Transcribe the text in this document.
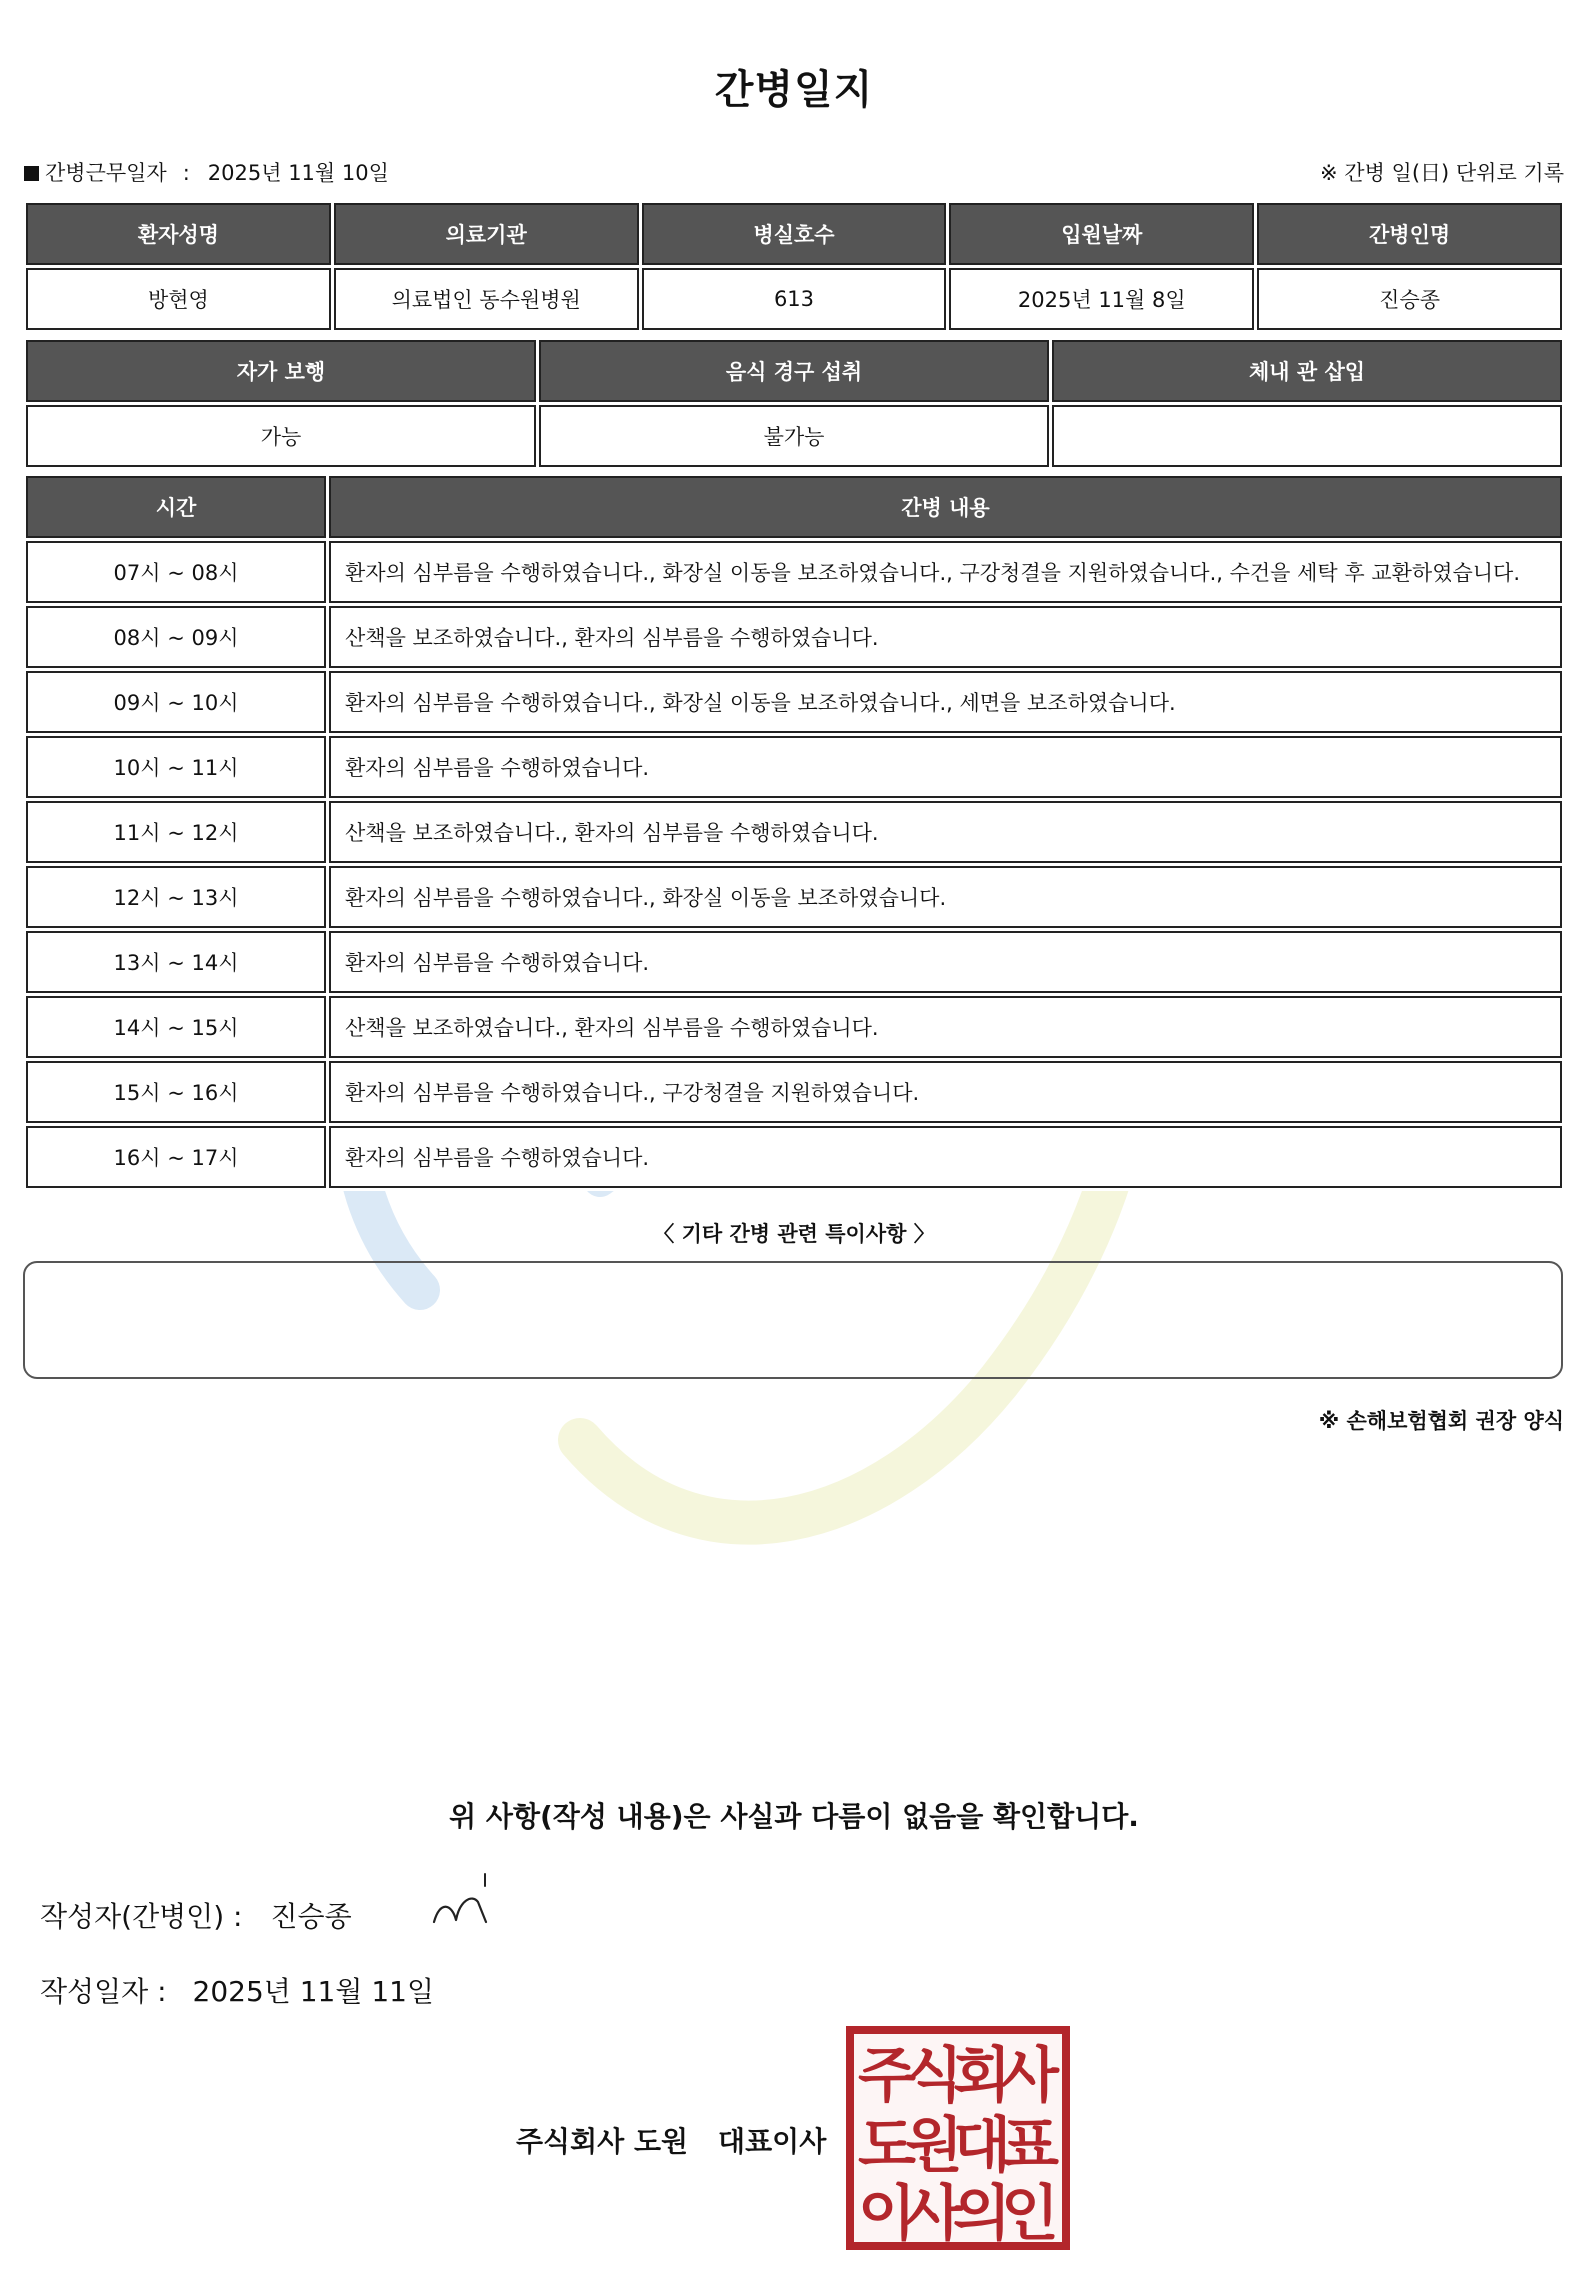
간병일지
간병근무일자 : 2025년 11월 10일	※ 간병 일(日) 단위로 기록
환자성명	의료기관	병실호수	입원날짜	간병인명
방현영	의료법인 동수원병원	613	2025년 11월 8일	진승종
자가 보행	음식 경구 섭취	체내 관 삽입
가능	불가능	
시간	간병 내용
07시 ~ 08시	환자의 심부름을 수행하였습니다., 화장실 이동을 보조하였습니다., 구강청결을 지원하였습니다., 수건을 세탁 후 교환하였습니다.
08시 ~ 09시	산책을 보조하였습니다., 환자의 심부름을 수행하였습니다.
09시 ~ 10시	환자의 심부름을 수행하였습니다., 화장실 이동을 보조하였습니다., 세면을 보조하였습니다.
10시 ~ 11시	환자의 심부름을 수행하였습니다.
11시 ~ 12시	산책을 보조하였습니다., 환자의 심부름을 수행하였습니다.
12시 ~ 13시	환자의 심부름을 수행하였습니다., 화장실 이동을 보조하였습니다.
13시 ~ 14시	환자의 심부름을 수행하였습니다.
14시 ~ 15시	산책을 보조하였습니다., 환자의 심부름을 수행하였습니다.
15시 ~ 16시	환자의 심부름을 수행하였습니다., 구강청결을 지원하였습니다.
16시 ~ 17시	환자의 심부름을 수행하였습니다.
〈 기타 간병 관련 특이사항 〉
※ 손해보험협회 권장 양식
위 사항(작성 내용)은 사실과 다름이 없음을 확인합니다.
작성자(간병인) : 진승종
작성일자 : 2025년 11월 11일
주식회사 도원 대표이사
주
식
회
사
도
원
대
표
이
사
의
인
